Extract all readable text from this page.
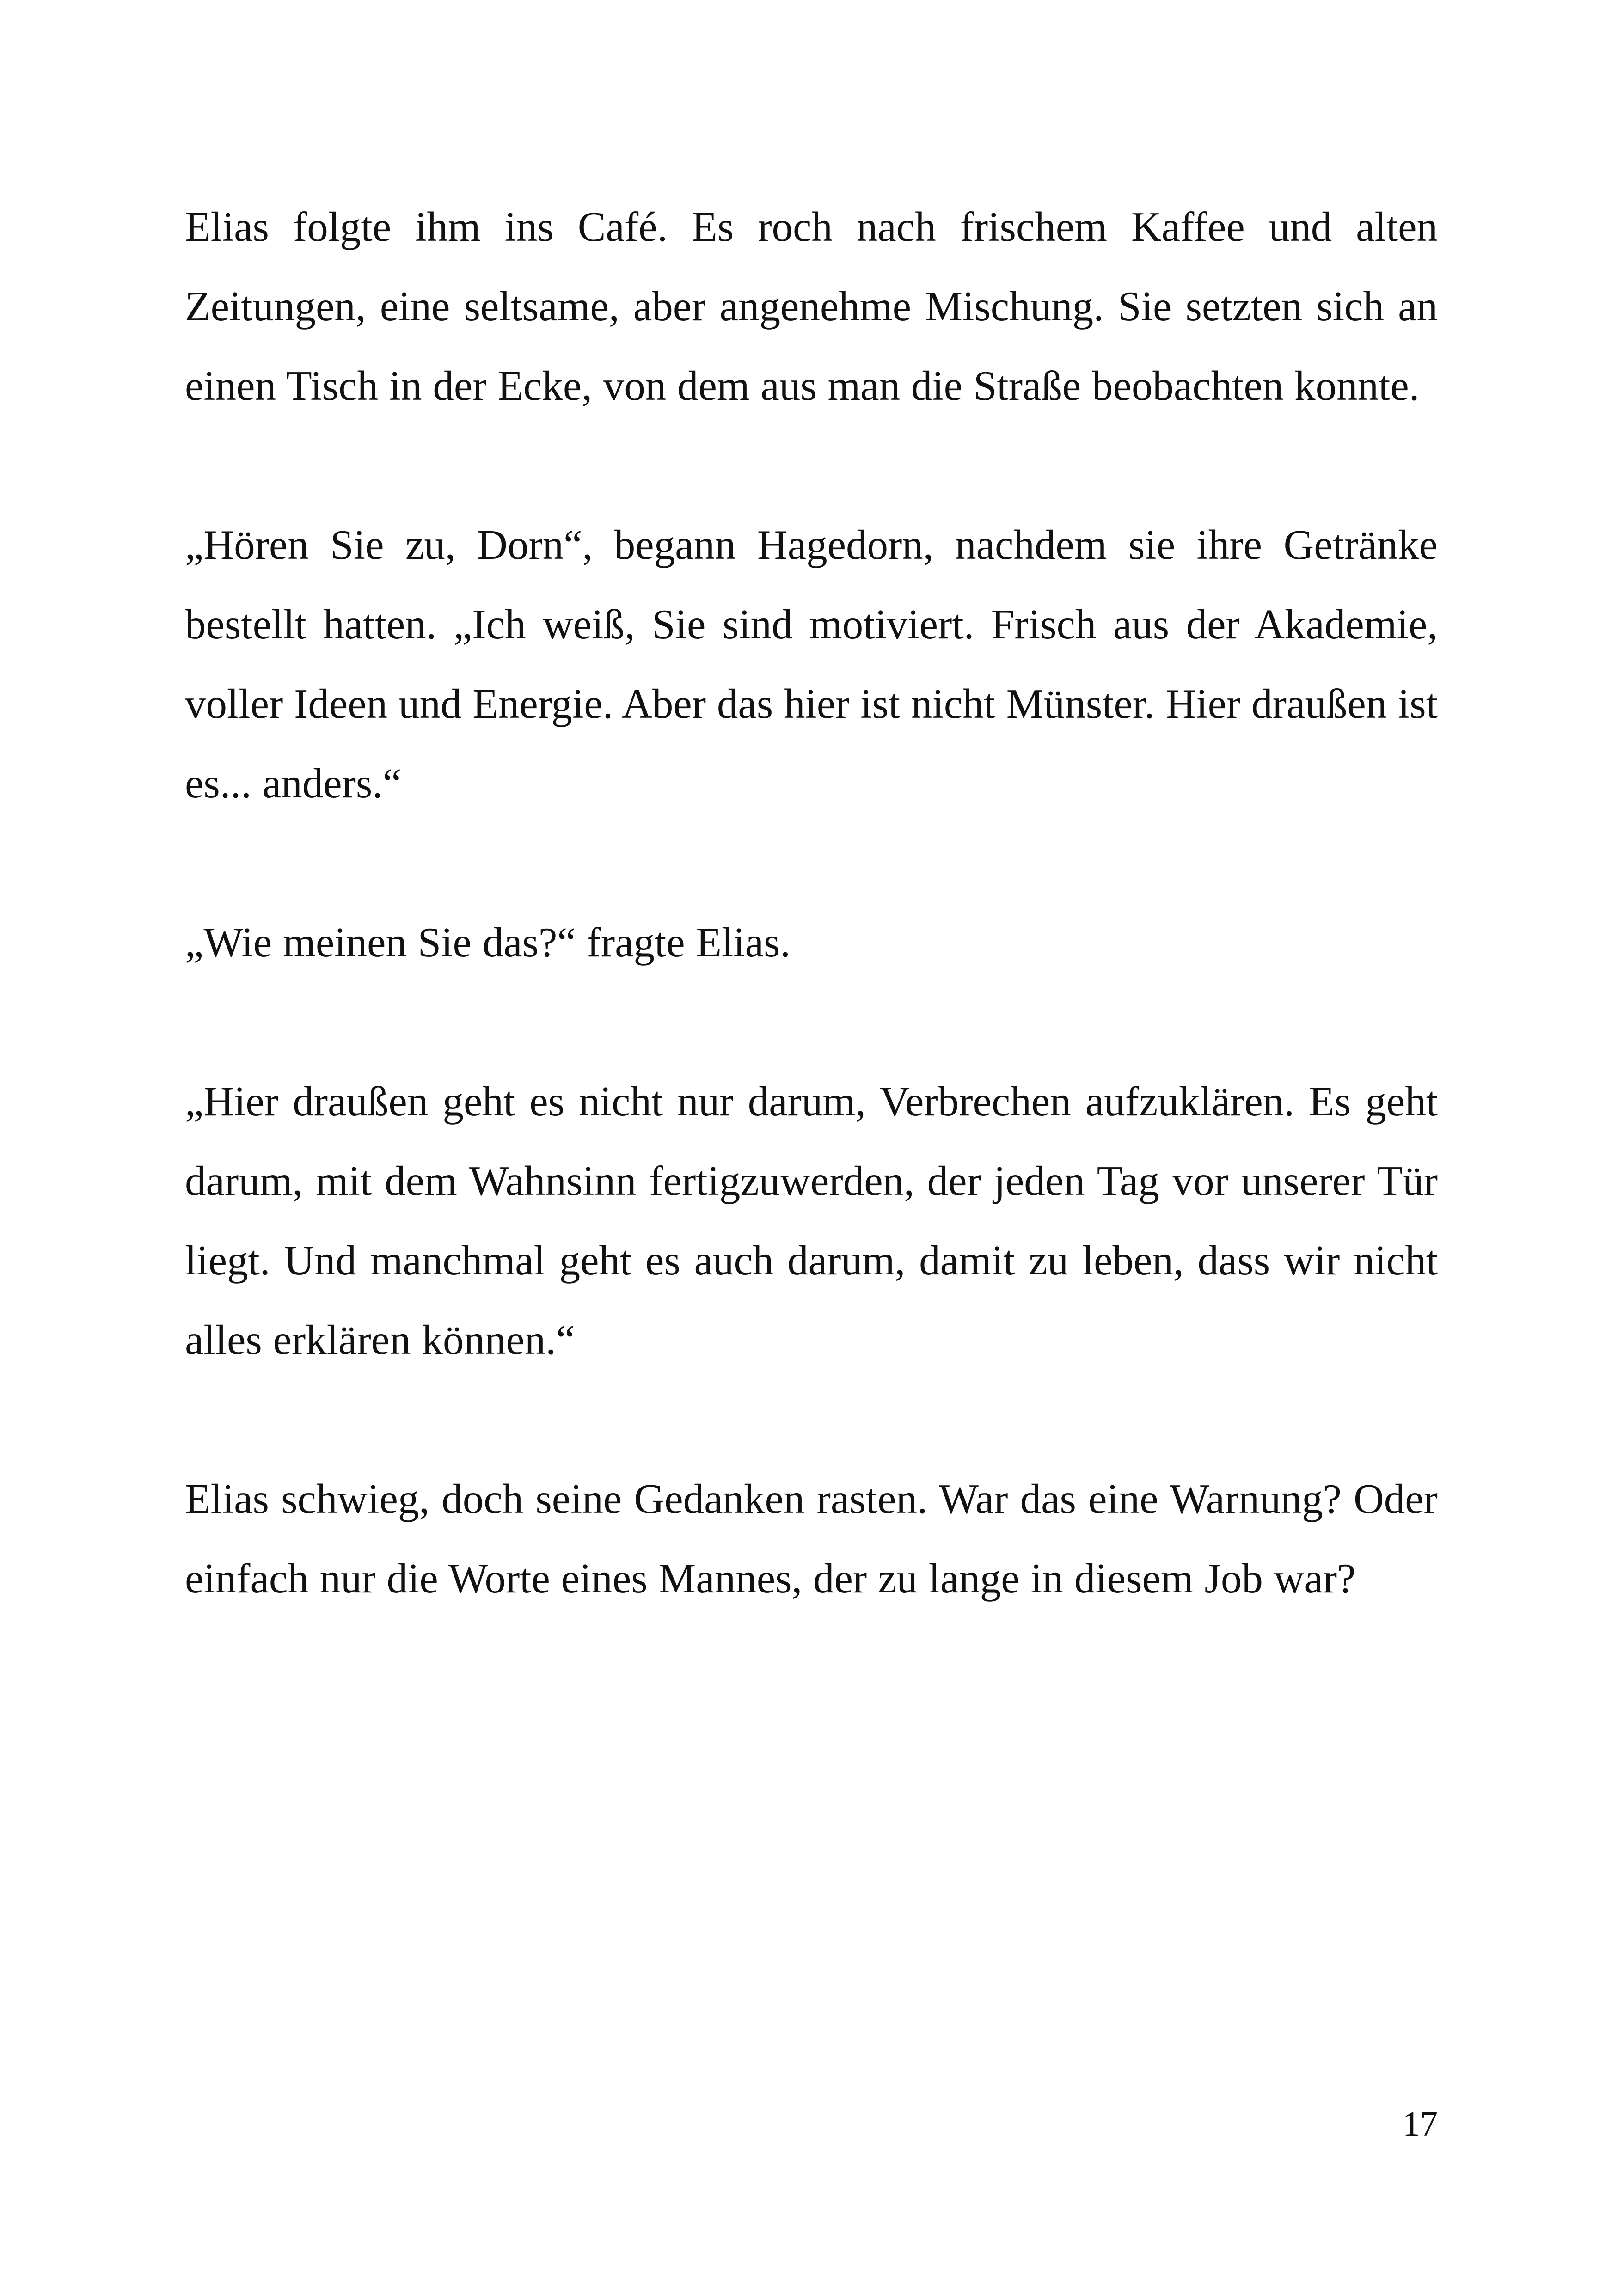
Elias folgte ihm ins Café. Es roch nach frischem Kaffee und alten Zeitungen, eine seltsame, aber angenehme Mischung. Sie setzten sich an einen Tisch in der Ecke, von dem aus man die Straße beobachten konnte.

„Hören Sie zu, Dorn“, begann Hagedorn, nachdem sie ihre Getränke bestellt hatten. „Ich weiß, Sie sind motiviert. Frisch aus der Akademie, voller Ideen und Energie. Aber das hier ist nicht Münster. Hier draußen ist es... anders.“

„Wie meinen Sie das?“ fragte Elias.

„Hier draußen geht es nicht nur darum, Verbrechen aufzuklären. Es geht darum, mit dem Wahnsinn fertigzuwerden, der jeden Tag vor unserer Tür liegt. Und manchmal geht es auch darum, damit zu leben, dass wir nicht alles erklären können.“

Elias schwieg, doch seine Gedanken rasten. War das eine Warnung? Oder einfach nur die Worte eines Mannes, der zu lange in diesem Job war?

17
